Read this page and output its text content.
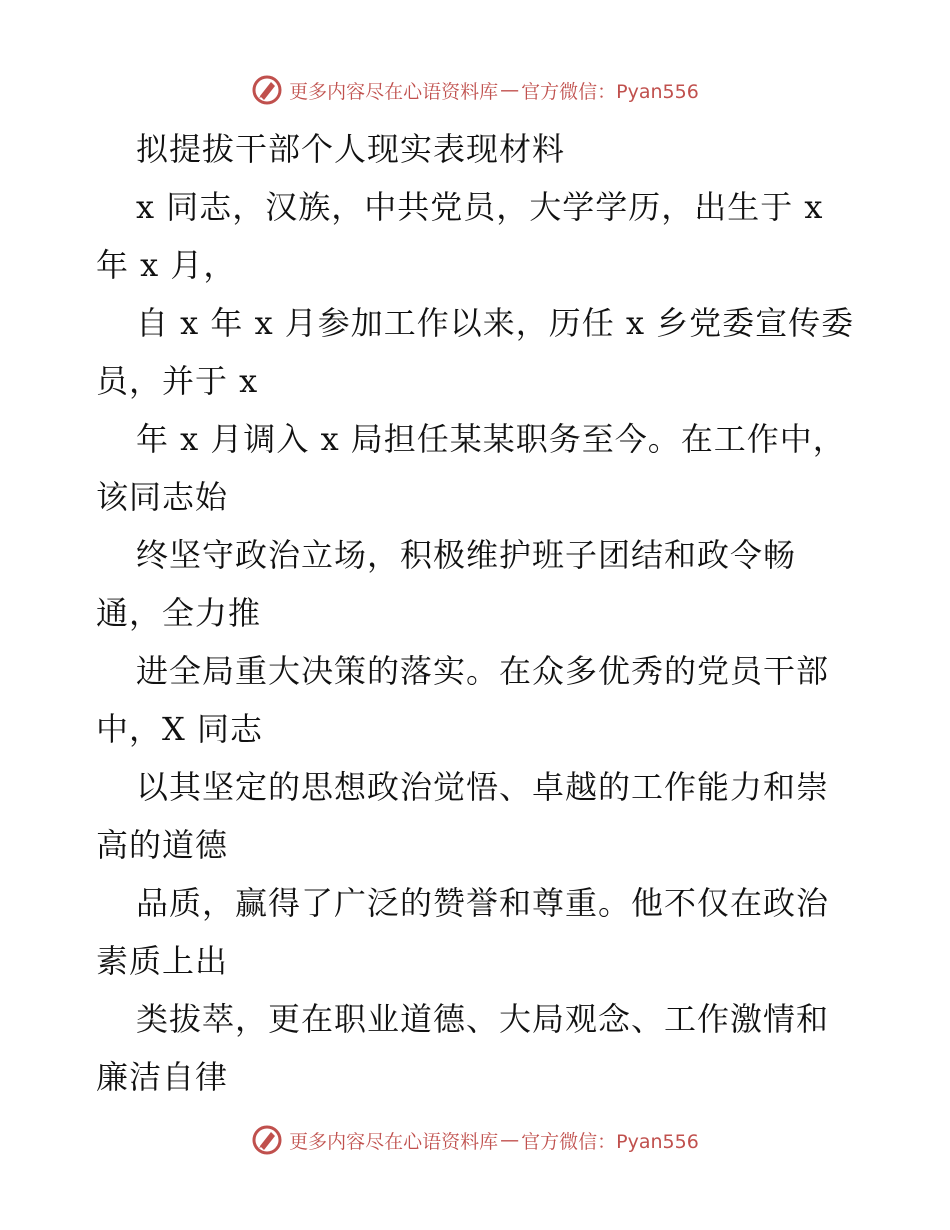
更多内容尽在心语资料库 — 官方微信：Pyan556
拟提拔干部个人现实表现材料
x 同志，汉族，中共党员，大学学历，出生于 x
年 x 月，
自 x 年 x 月参加工作以来，历任 x 乡党委宣传委
员，并于 x
年 x 月调入 x 局担任某某职务至今。在工作中，
该同志始
终坚守政治立场，积极维护班子团结和政令畅
通，全力推
进全局重大决策的落实。在众多优秀的党员干部
中，X 同志
以其坚定的思想政治觉悟、卓越的工作能力和崇
高的道德
品质，赢得了广泛的赞誉和尊重。他不仅在政治
素质上出
类拔萃，更在职业道德、大局观念、工作激情和
廉洁自律
更多内容尽在心语资料库 — 官方微信：Pyan556
